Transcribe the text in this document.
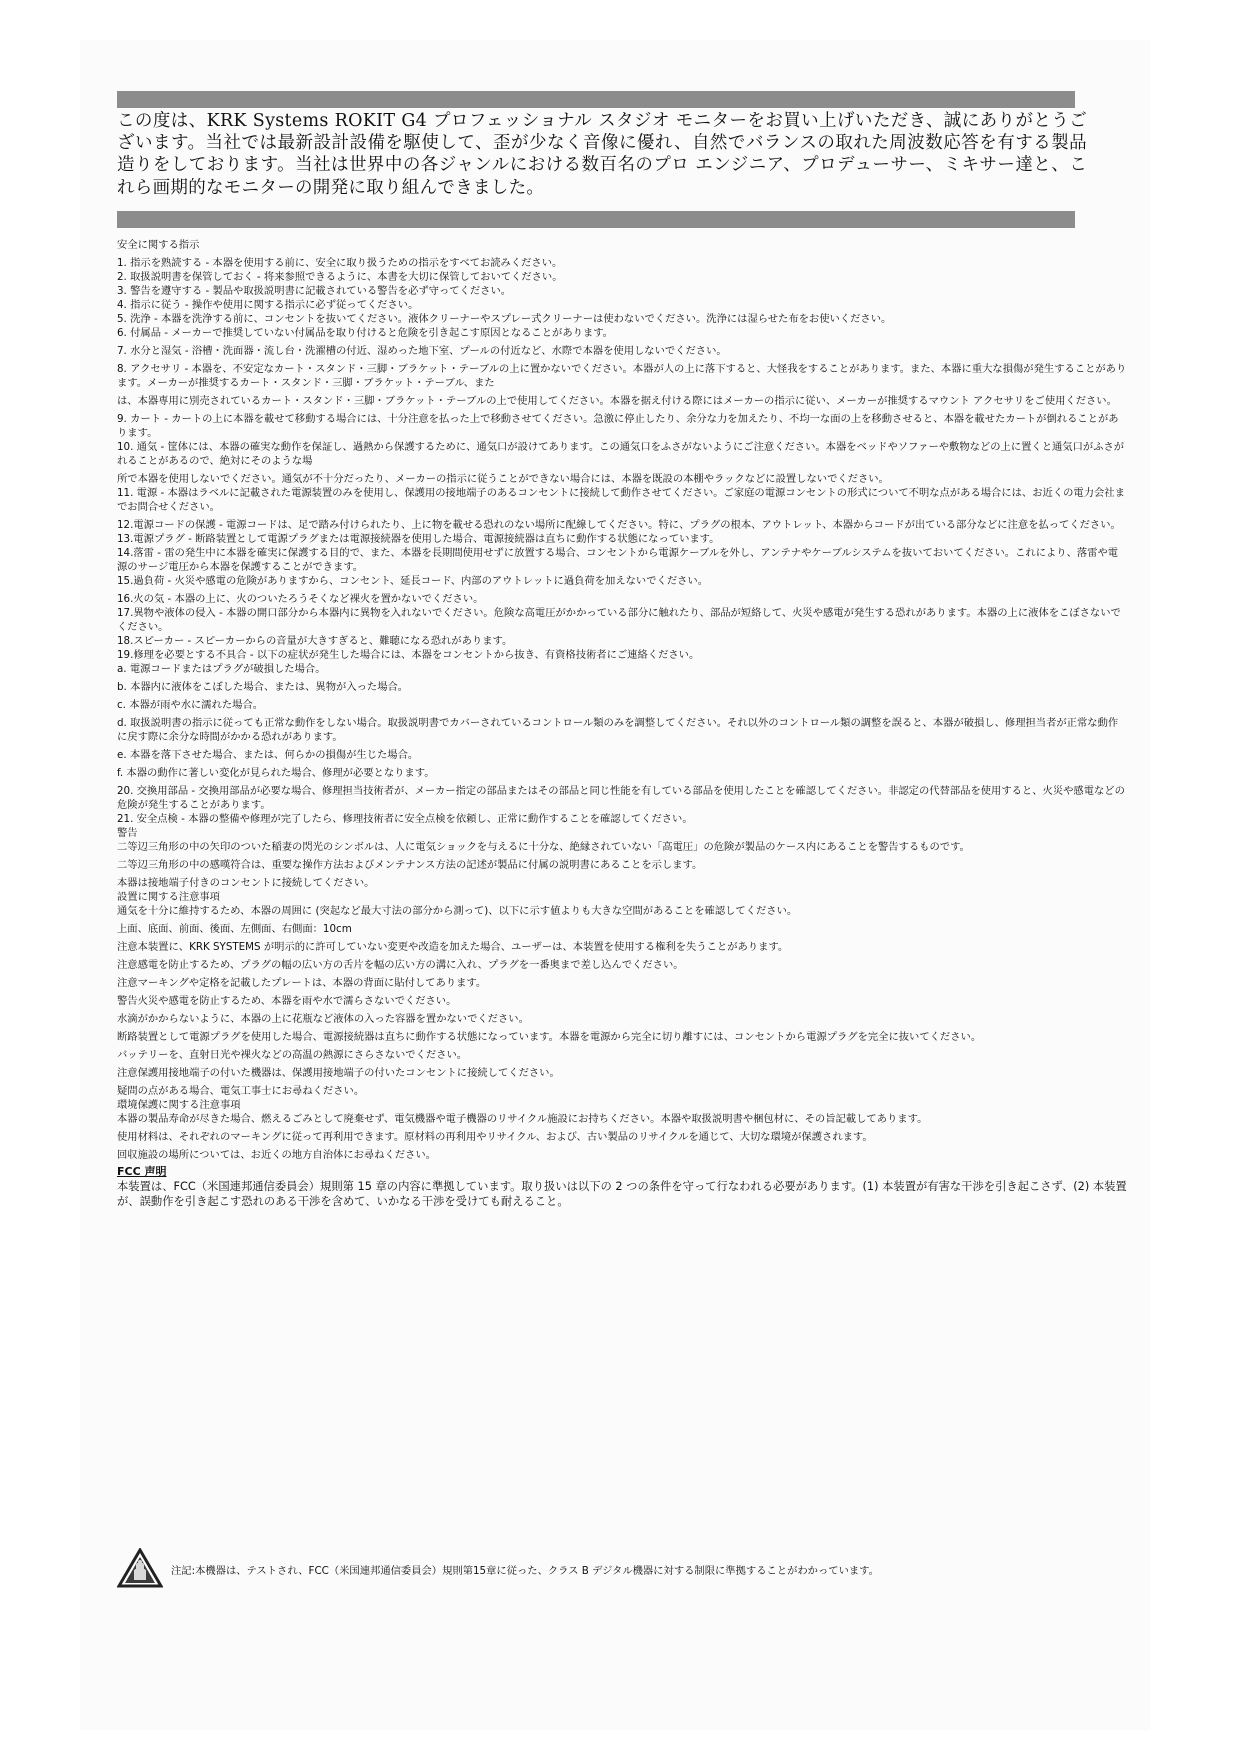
この度は、KRK Systems ROKIT G4 プロフェッショナル スタジオ モニターをお買い上げいただき、誠にありがとうございます。当社では最新設計設備を駆使して、歪が少なく音像に優れ、自然でバランスの取れた周波数応答を有する製品造りをしております。当社は世界中の各ジャンルにおける数百名のプロ エンジニア、プロデューサー、ミキサー達と、これら画期的なモニターの開発に取り組んできました。

安全に関する指示

1. 指示を熟読する - 本器を使用する前に、安全に取り扱うための指示をすべてお読みください。

2. 取扱説明書を保管しておく - 将来参照できるように、本書を大切に保管しておいてください。

3. 警告を遵守する - 製品や取扱説明書に記載されている警告を必ず守ってください。

4. 指示に従う - 操作や使用に関する指示に必ず従ってください。

5. 洗浄 - 本器を洗浄する前に、コンセントを抜いてください。液体クリーナーやスプレー式クリーナーは使わないでください。洗浄には湿らせた布をお使いください。

6. 付属品 - メーカーで推奨していない付属品を取り付けると危険を引き起こす原因となることがあります。

7. 水分と湿気 - 浴槽・洗面器・流し台・洗濯槽の付近、湿めった地下室、プールの付近など、水際で本器を使用しないでください。

8. アクセサリ - 本器を、不安定なカート・スタンド・三脚・ブラケット・テーブルの上に置かないでください。本器が人の上に落下すると、大怪我をすることがあります。また、本器に重大な損傷が発生することがあります。メーカーが推奨するカート・スタンド・三脚・ブラケット・テーブル、また

は、本器専用に別売されているカート・スタンド・三脚・ブラケット・テーブルの上で使用してください。本器を据え付ける際にはメーカーの指示に従い、メーカーが推奨するマウント アクセサリをご使用ください。

9. カート - カートの上に本器を載せて移動する場合には、十分注意を払った上で移動させてください。急激に停止したり、余分な力を加えたり、不均一な面の上を移動させると、本器を載せたカートが倒れることがあります。

10. 通気 - 筐体には、本器の確実な動作を保証し、過熱から保護するために、通気口が設けてあります。この通気口をふさがないようにご注意ください。本器をベッドやソファーや敷物などの上に置くと通気口がふさがれることがあるので、絶対にそのような場

所で本器を使用しないでください。通気が不十分だったり、メーカーの指示に従うことができない場合には、本器を既設の本棚やラックなどに設置しないでください。

11. 電源 - 本器はラベルに記載された電源装置のみを使用し、保護用の接地端子のあるコンセントに接続して動作させてください。ご家庭の電源コンセントの形式について不明な点がある場合には、お近くの電力会社までお問合せください。

12.電源コードの保護 - 電源コードは、足で踏み付けられたり、上に物を載せる恐れのない場所に配線してください。特に、プラグの根本、アウトレット、本器からコードが出ている部分などに注意を払ってください。

13.電源プラグ - 断路装置として電源プラグまたは電源接続器を使用した場合、電源接続器は直ちに動作する状態になっています。

14.落雷 - 雷の発生中に本器を確実に保護する目的で、また、本器を長期間使用せずに放置する場合、コンセントから電源ケーブルを外し、アンテナやケーブルシステムを抜いておいてください。これにより、落雷や電源のサージ電圧から本器を保護することができます。

15.過負荷 - 火災や感電の危険がありますから、コンセント、延長コード、内部のアウトレットに過負荷を加えないでください。

16.火の気 - 本器の上に、火のついたろうそくなど裸火を置かないでください。

17.異物や液体の侵入 - 本器の開口部分から本器内に異物を入れないでください。危険な高電圧がかかっている部分に触れたり、部品が短絡して、火災や感電が発生する恐れがあります。本器の上に液体をこぼさないでください。

18.スピーカー - スピーカーからの音量が大きすぎると、難聴になる恐れがあります。

19.修理を必要とする不具合 - 以下の症状が発生した場合には、本器をコンセントから抜き、有資格技術者にご連絡ください。

a. 電源コードまたはプラグが破損した場合。

b. 本器内に液体をこぼした場合、または、異物が入った場合。

c. 本器が雨や水に濡れた場合。

d. 取扱説明書の指示に従っても正常な動作をしない場合。取扱説明書でカバーされているコントロール類のみを調整してください。それ以外のコントロール類の調整を誤ると、本器が破損し、修理担当者が正常な動作に戻す際に余分な時間がかかる恐れがあります。

e. 本器を落下させた場合、または、何らかの損傷が生じた場合。

f. 本器の動作に著しい変化が見られた場合、修理が必要となります。

20. 交換用部品 - 交換用部品が必要な場合、修理担当技術者が、メーカー指定の部品またはその部品と同じ性能を有している部品を使用したことを確認してください。非認定の代替部品を使用すると、火災や感電などの危険が発生することがあります。

21. 安全点検 - 本器の整備や修理が完了したら、修理技術者に安全点検を依頼し、正常に動作することを確認してください。

警告

二等辺三角形の中の矢印のついた稲妻の閃光のシンボルは、人に電気ショックを与えるに十分な、絶縁されていない「高電圧」の危険が製品のケース内にあることを警告するものです。

二等辺三角形の中の感嘆符合は、重要な操作方法およびメンテナンス方法の記述が製品に付属の説明書にあることを示します。

本器は接地端子付きのコンセントに接続してください。

設置に関する注意事項

通気を十分に維持するため、本器の周囲に (突起など最大寸法の部分から測って)、以下に示す値よりも大きな空間があることを確認してください。

上面、底面、前面、後面、左側面、右側面：10cm

注意本装置に、KRK SYSTEMS が明示的に許可していない変更や改造を加えた場合、ユーザーは、本装置を使用する権利を失うことがあります。

注意感電を防止するため、プラグの幅の広い方の舌片を幅の広い方の溝に入れ、プラグを一番奥まで差し込んでください。

注意マーキングや定格を記載したプレートは、本器の背面に貼付してあります。

警告火災や感電を防止するため、本器を雨や水で濡らさないでください。

水滴がかからないように、本器の上に花瓶など液体の入った容器を置かないでください。

断路装置として電源プラグを使用した場合、電源接続器は直ちに動作する状態になっています。本器を電源から完全に切り離すには、コンセントから電源プラグを完全に抜いてください。

バッテリーを、直射日光や裸火などの高温の熱源にさらさないでください。

注意保護用接地端子の付いた機器は、保護用接地端子の付いたコンセントに接続してください。

疑問の点がある場合、電気工事士にお尋ねください。

環境保護に関する注意事項

本器の製品寿命が尽きた場合、燃えるごみとして廃棄せず、電気機器や電子機器のリサイクル施設にお持ちください。本器や取扱説明書や梱包材に、その旨記載してあります。

使用材料は、それぞれのマーキングに従って再利用できます。原材料の再利用やリサイクル、および、古い製品のリサイクルを通じて、大切な環境が保護されます。

回収施設の場所については、お近くの地方自治体にお尋ねください。

FCC 声明

本装置は、FCC（米国連邦通信委員会）規則第 15 章の内容に準拠しています。取り扱いは以下の 2 つの条件を守って行なわれる必要があります。(1) 本装置が有害な干渉を引き起こさず、(2) 本装置が、誤動作を引き起こす恐れのある干渉を含めて、いかなる干渉を受けても耐えること。

注記:本機器は、テストされ、FCC（米国連邦通信委員会）規則第15章に従った、クラス B デジタル機器に対する制限に準拠することがわかっています。
